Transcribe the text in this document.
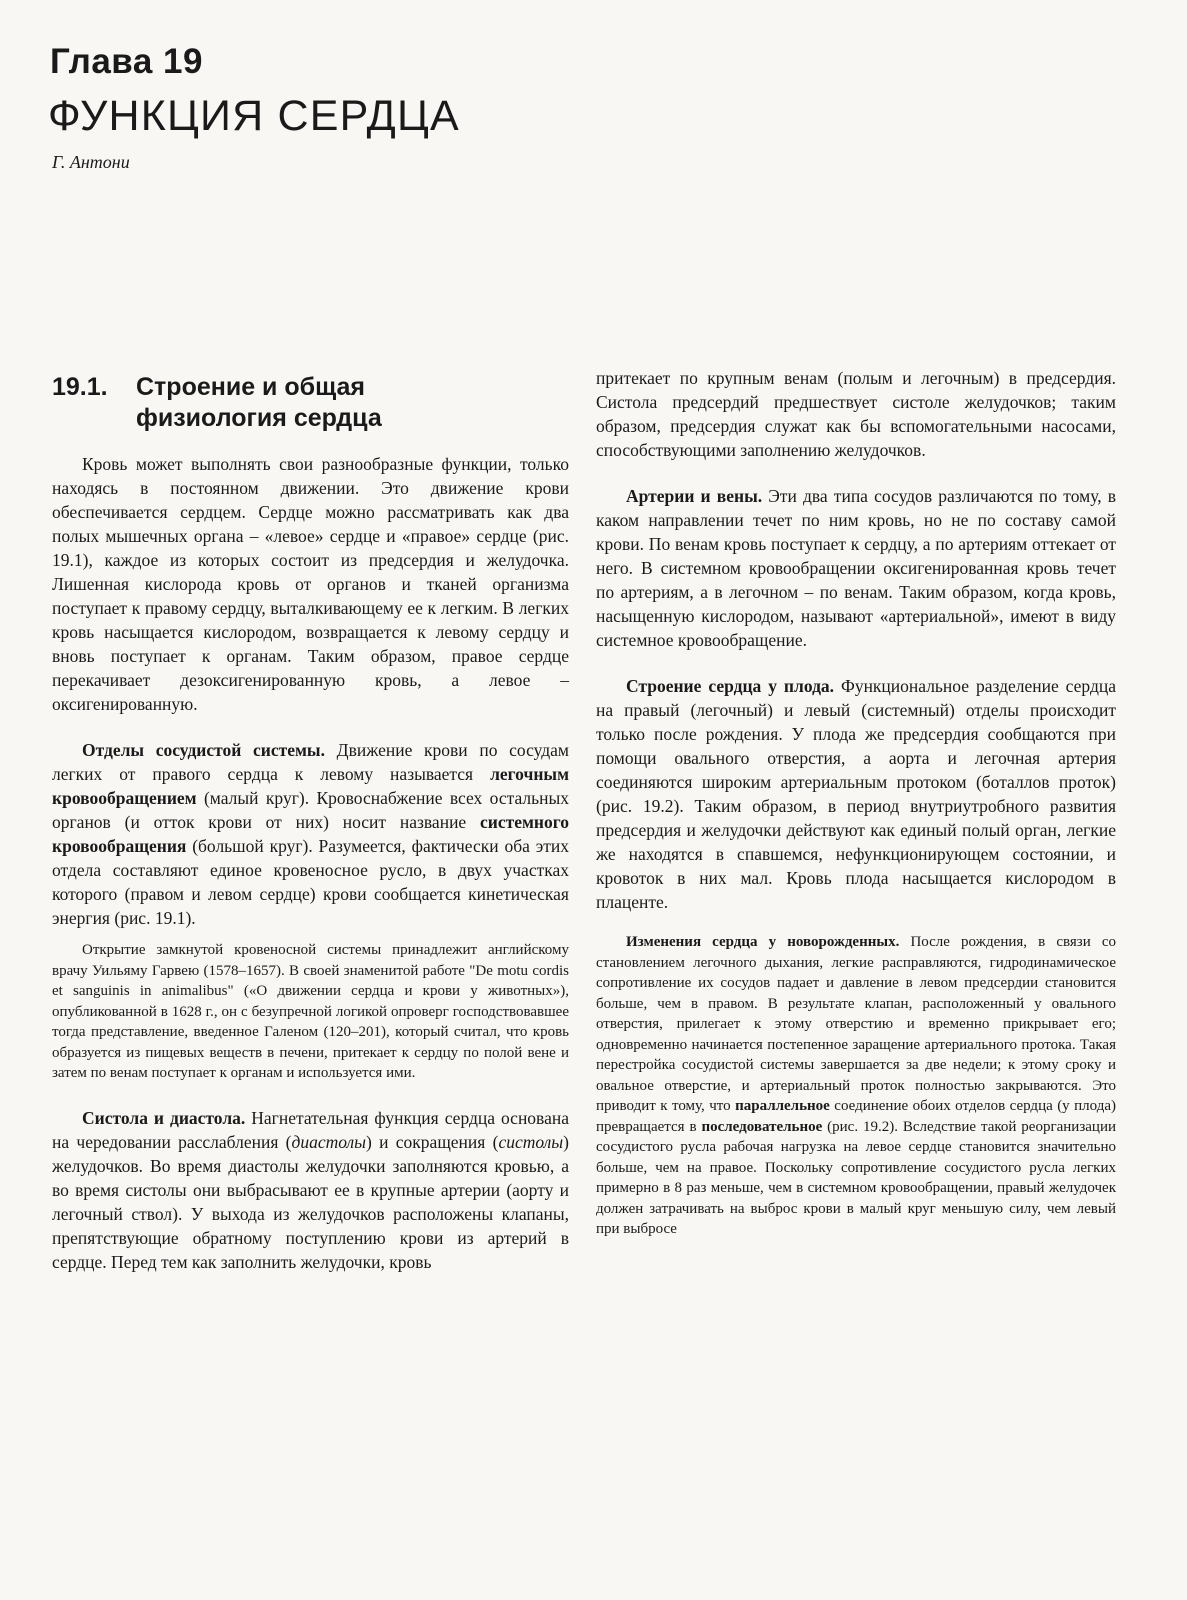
Глава 19
ФУНКЦИЯ СЕРДЦА
Г. Антони
19.1. Строение и общая
физиология сердца

Кровь может выполнять свои разнообразные функции, только находясь в постоянном движении. Это движение крови обеспечивается сердцем. Сердце можно рассматривать как два полых мышечных органа – «левое» сердце и «правое» сердце (рис. 19.1), каждое из которых состоит из предсердия и желудочка. Лишенная кислорода кровь от органов и тканей организма поступает к правому сердцу, выталкивающему ее к легким. В легких кровь насыщается кислородом, возвращается к левому сердцу и вновь поступает к органам. Таким образом, правое сердце перекачивает дезоксигенированную кровь, а левое – оксигенированную.

Отделы сосудистой системы. Движение крови по сосудам легких от правого сердца к левому называется легочным кровообращением (малый круг). Кровоснабжение всех остальных органов (и отток крови от них) носит название системного кровообращения (большой круг). Разумеется, фактически оба этих отдела составляют единое кровеносное русло, в двух участках которого (правом и левом сердце) крови сообщается кинетическая энергия (рис. 19.1).

Открытие замкнутой кровеносной системы принадлежит английскому врачу Уильяму Гарвею (1578–1657). В своей знаменитой работе "De motu cordis et sanguinis in animalibus" («О движении сердца и крови у животных»), опубликованной в 1628 г., он с безупречной логикой опроверг господствовавшее тогда представление, введенное Галеном (120–201), который считал, что кровь образуется из пищевых веществ в печени, притекает к сердцу по полой вене и затем по венам поступает к органам и используется ими.

Систола и диастола. Нагнетательная функция сердца основана на чередовании расслабления (диастолы) и сокращения (систолы) желудочков. Во время диастолы желудочки заполняются кровью, а во время систолы они выбрасывают ее в крупные артерии (аорту и легочный ствол). У выхода из желудочков расположены клапаны, препятствующие обратному поступлению крови из артерий в сердце. Перед тем как заполнить желудочки, кровь

притекает по крупным венам (полым и легочным) в предсердия. Систола предсердий предшествует систоле желудочков; таким образом, предсердия служат как бы вспомогательными насосами, способствующими заполнению желудочков.

Артерии и вены. Эти два типа сосудов различаются по тому, в каком направлении течет по ним кровь, но не по составу самой крови. По венам кровь поступает к сердцу, а по артериям оттекает от него. В системном кровообращении оксигенированная кровь течет по артериям, а в легочном – по венам. Таким образом, когда кровь, насыщенную кислородом, называют «артериальной», имеют в виду системное кровообращение.

Строение сердца у плода. Функциональное разделение сердца на правый (легочный) и левый (системный) отделы происходит только после рождения. У плода же предсердия сообщаются при помощи овального отверстия, а аорта и легочная артерия соединяются широким артериальным протоком (боталлов проток) (рис. 19.2). Таким образом, в период внутриутробного развития предсердия и желудочки действуют как единый полый орган, легкие же находятся в спавшемся, нефункционирующем состоянии, и кровоток в них мал. Кровь плода насыщается кислородом в плаценте.

Изменения сердца у новорожденных. После рождения, в связи со становлением легочного дыхания, легкие расправляются, гидродинамическое сопротивление их сосудов падает и давление в левом предсердии становится больше, чем в правом. В результате клапан, расположенный у овального отверстия, прилегает к этому отверстию и временно прикрывает его; одновременно начинается постепенное заращение артериального протока. Такая перестройка сосудистой системы завершается за две недели; к этому сроку и овальное отверстие, и артериальный проток полностью закрываются. Это приводит к тому, что параллельное соединение обоих отделов сердца (у плода) превращается в последовательное (рис. 19.2). Вследствие такой реорганизации сосудистого русла рабочая нагрузка на левое сердце становится значительно больше, чем на правое. Поскольку сопротивление сосудистого русла легких примерно в 8 раз меньше, чем в системном кровообращении, правый желудочек должен затрачивать на выброс крови в малый круг меньшую силу, чем левый при выбросе
